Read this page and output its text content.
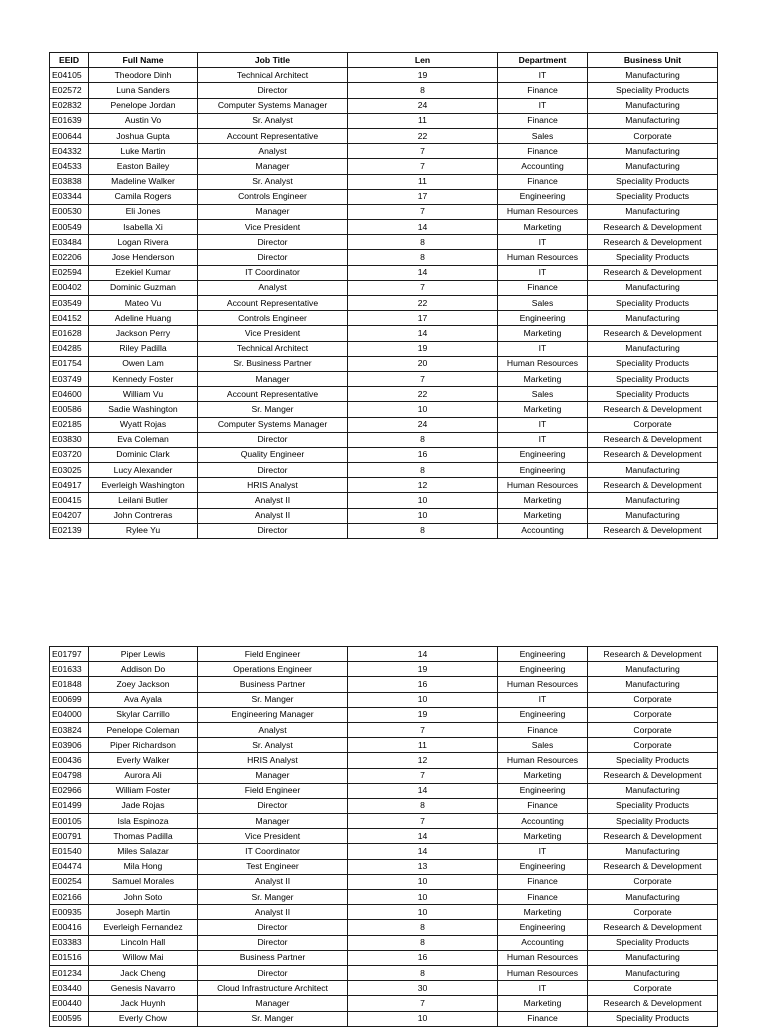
EEID	Full Name	Job Title	Len	Department	Business Unit
E04105	Theodore Dinh	Technical Architect	19	IT	Manufacturing
E02572	Luna Sanders	Director	8	Finance	Speciality Products
E02832	Penelope Jordan	Computer Systems Manager	24	IT	Manufacturing
E01639	Austin Vo	Sr. Analyst	11	Finance	Manufacturing
E00644	Joshua Gupta	Account Representative	22	Sales	Corporate
E04332	Luke Martin	Analyst	7	Finance	Manufacturing
E04533	Easton Bailey	Manager	7	Accounting	Manufacturing
E03838	Madeline Walker	Sr. Analyst	11	Finance	Speciality Products
E03344	Camila Rogers	Controls Engineer	17	Engineering	Speciality Products
E00530	Eli Jones	Manager	7	Human Resources	Manufacturing
E00549	Isabella Xi	Vice President	14	Marketing	Research & Development
E03484	Logan Rivera	Director	8	IT	Research & Development
E02206	Jose Henderson	Director	8	Human Resources	Speciality Products
E02594	Ezekiel Kumar	IT Coordinator	14	IT	Research & Development
E00402	Dominic Guzman	Analyst	7	Finance	Manufacturing
E03549	Mateo Vu	Account Representative	22	Sales	Speciality Products
E04152	Adeline Huang	Controls Engineer	17	Engineering	Manufacturing
E01628	Jackson Perry	Vice President	14	Marketing	Research & Development
E04285	Riley Padilla	Technical Architect	19	IT	Manufacturing
E01754	Owen Lam	Sr. Business Partner	20	Human Resources	Speciality Products
E03749	Kennedy Foster	Manager	7	Marketing	Speciality Products
E04600	William Vu	Account Representative	22	Sales	Speciality Products
E00586	Sadie Washington	Sr. Manger	10	Marketing	Research & Development
E02185	Wyatt Rojas	Computer Systems Manager	24	IT	Corporate
E03830	Eva Coleman	Director	8	IT	Research & Development
E03720	Dominic Clark	Quality Engineer	16	Engineering	Research & Development
E03025	Lucy Alexander	Director	8	Engineering	Manufacturing
E04917	Everleigh Washington	HRIS Analyst	12	Human Resources	Research & Development
E00415	Leilani Butler	Analyst II	10	Marketing	Manufacturing
E04207	John Contreras	Analyst II	10	Marketing	Manufacturing
E02139	Rylee Yu	Director	8	Accounting	Research & Development
E01797	Piper Lewis	Field Engineer	14	Engineering	Research & Development
E01633	Addison Do	Operations Engineer	19	Engineering	Manufacturing
E01848	Zoey Jackson	Business Partner	16	Human Resources	Manufacturing
E00699	Ava Ayala	Sr. Manger	10	IT	Corporate
E04000	Skylar Carrillo	Engineering Manager	19	Engineering	Corporate
E03824	Penelope Coleman	Analyst	7	Finance	Corporate
E03906	Piper Richardson	Sr. Analyst	11	Sales	Corporate
E00436	Everly Walker	HRIS Analyst	12	Human Resources	Speciality Products
E04798	Aurora Ali	Manager	7	Marketing	Research & Development
E02966	William Foster	Field Engineer	14	Engineering	Manufacturing
E01499	Jade Rojas	Director	8	Finance	Speciality Products
E00105	Isla Espinoza	Manager	7	Accounting	Speciality Products
E00791	Thomas Padilla	Vice President	14	Marketing	Research & Development
E01540	Miles Salazar	IT Coordinator	14	IT	Manufacturing
E04474	Mila Hong	Test Engineer	13	Engineering	Research & Development
E00254	Samuel Morales	Analyst II	10	Finance	Corporate
E02166	John Soto	Sr. Manger	10	Finance	Manufacturing
E00935	Joseph Martin	Analyst II	10	Marketing	Corporate
E00416	Everleigh Fernandez	Director	8	Engineering	Research & Development
E03383	Lincoln Hall	Director	8	Accounting	Speciality Products
E01516	Willow Mai	Business Partner	16	Human Resources	Manufacturing
E01234	Jack Cheng	Director	8	Human Resources	Manufacturing
E03440	Genesis Navarro	Cloud Infrastructure Architect	30	IT	Corporate
E00440	Jack Huynh	Manager	7	Marketing	Research & Development
E00595	Everly Chow	Sr. Manger	10	Finance	Speciality Products
